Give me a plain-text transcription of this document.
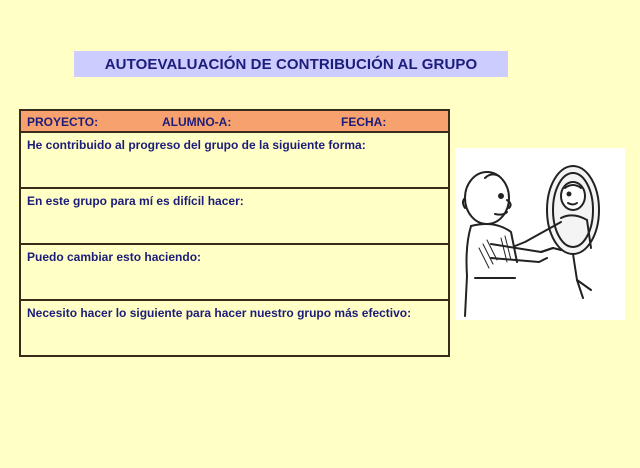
AUTOEVALUACIÓN DE CONTRIBUCIÓN AL GRUPO
PROYECTO:	ALUMNO-A:	FECHA:
He contribuido al progreso del grupo de la siguiente forma:
En este grupo para mí es difícil hacer:
Puedo cambiar esto haciendo:
Necesito hacer lo siguiente para hacer nuestro grupo más efectivo:
